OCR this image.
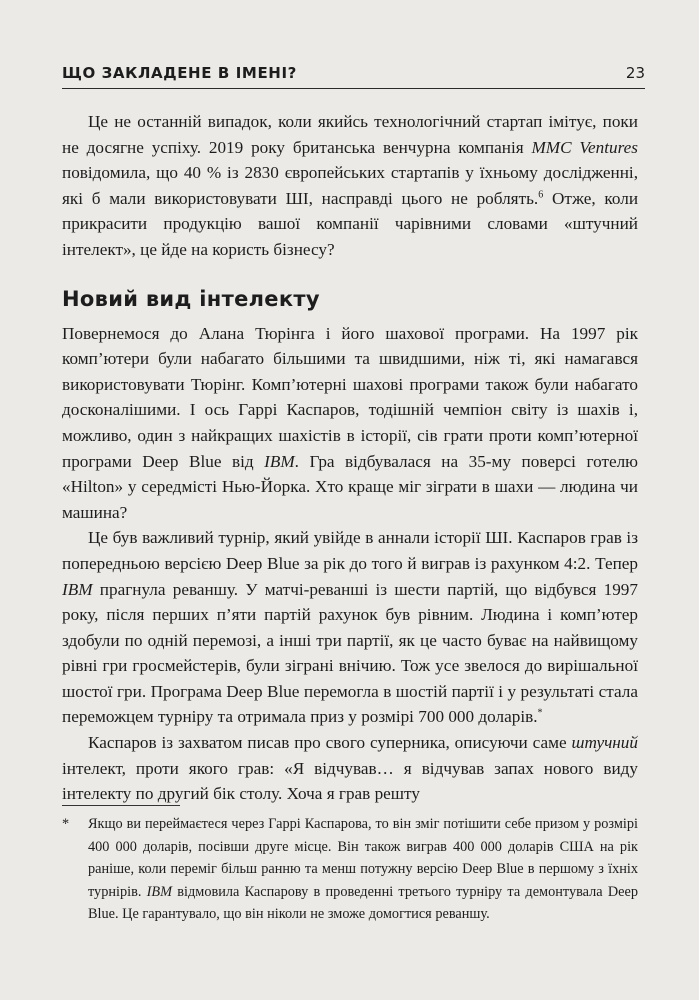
ЩО ЗАКЛАДЕНЕ В ІМЕНІ?	23

Це не останній випадок, коли якийсь технологічний стартап імітує, поки не досягне успіху. 2019 року британська венчурна компанія MMC Ventures повідомила, що 40 % із 2830 європейських стартапів у їхньому дослідженні, які б мали використовувати ШІ, насправді цього не роблять.$^6$ Отже, коли прикрасити продукцію вашої компанії чарівними словами «штучний інтелект», це йде на користь бізнесу?

Новий вид інтелекту

Повернемося до Алана Тюрінга і його шахової програми. На 1997 рік комп’ютери були набагато більшими та швидшими, ніж ті, які намагався використовувати Тюрінг. Комп’ютерні шахові програми також були набагато досконалішими. І ось Гаррі Каспаров, тодішній чемпіон світу із шахів і, можливо, один з найкращих шахістів в історії, сів грати проти комп’ютерної програми Deep Blue від IBM. Гра відбувалася на 35-му поверсі готелю «Hilton» у середмісті Нью-Йорка. Хто краще міг зіграти в шахи — людина чи машина?

Це був важливий турнір, який увійде в аннали історії ШІ. Каспаров грав із попередньою версією Deep Blue за рік до того й виграв із рахунком 4:2. Тепер IBM прагнула реваншу. У матчі-реванші із шести партій, що відбувся 1997 року, після перших п’яти партій рахунок був рівним. Людина і комп’ютер здобули по одній перемозі, а інші три партії, як це часто буває на найвищому рівні гри гросмейстерів, були зіграні внічию. Тож усе звелося до вирішальної шостої гри. Програма Deep Blue перемогла в шостій партії і у результаті стала переможцем турніру та отримала приз у розмірі 700 000 доларів.*

Каспаров із захватом писав про свого суперника, описуючи саме штучний інтелект, проти якого грав: «Я відчував… я відчував запах нового виду інтелекту по другий бік столу. Хоча я грав решту

* Якщо ви переймаєтеся через Гаррі Каспарова, то він зміг потішити себе призом у розмірі 400 000 доларів, посівши друге місце. Він також виграв 400 000 доларів США на рік раніше, коли переміг більш ранню та менш потужну версію Deep Blue в першому з їхніх турнірів. IBM відмовила Каспарову в проведенні третього турніру та демонтувала Deep Blue. Це гарантувало, що він ніколи не зможе домогтися реваншу.
